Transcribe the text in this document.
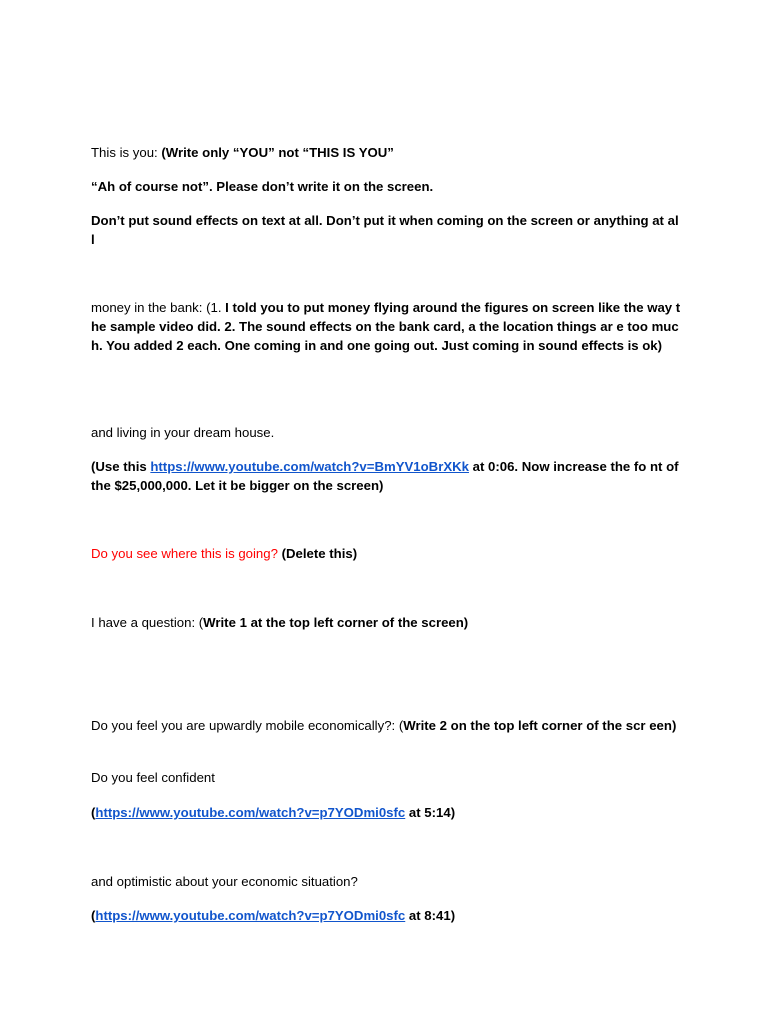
This is you: (Write only “YOU” not “THIS IS YOU”

“Ah of course not”. Please don’t write it on the screen.

Don’t put sound effects on text at all. Don’t put it when coming on the screen or anything at all

money in the bank: (1. I told you to put money flying around the figures on screen like the way the sample video did. 2. The sound effects on the bank card, a the location things ar e too much. You added 2 each. One coming in and one going out. Just coming in sound effects is ok)

and living in your dream house.

(Use this https://www.youtube.com/watch?v=BmYV1oBrXKk at 0:06. Now increase the fo nt of the $25,000,000. Let it be bigger on the screen)

Do you see where this is going? (Delete this)

I have a question: (Write 1 at the top left corner of the screen)

Do you feel you are upwardly mobile economically?: (Write 2 on the top left corner of the scr een)

Do you feel confident

(https://www.youtube.com/watch?v=p7YODmi0sfc at 5:14)

and optimistic about your economic situation?

(https://www.youtube.com/watch?v=p7YODmi0sfc at 8:41)
